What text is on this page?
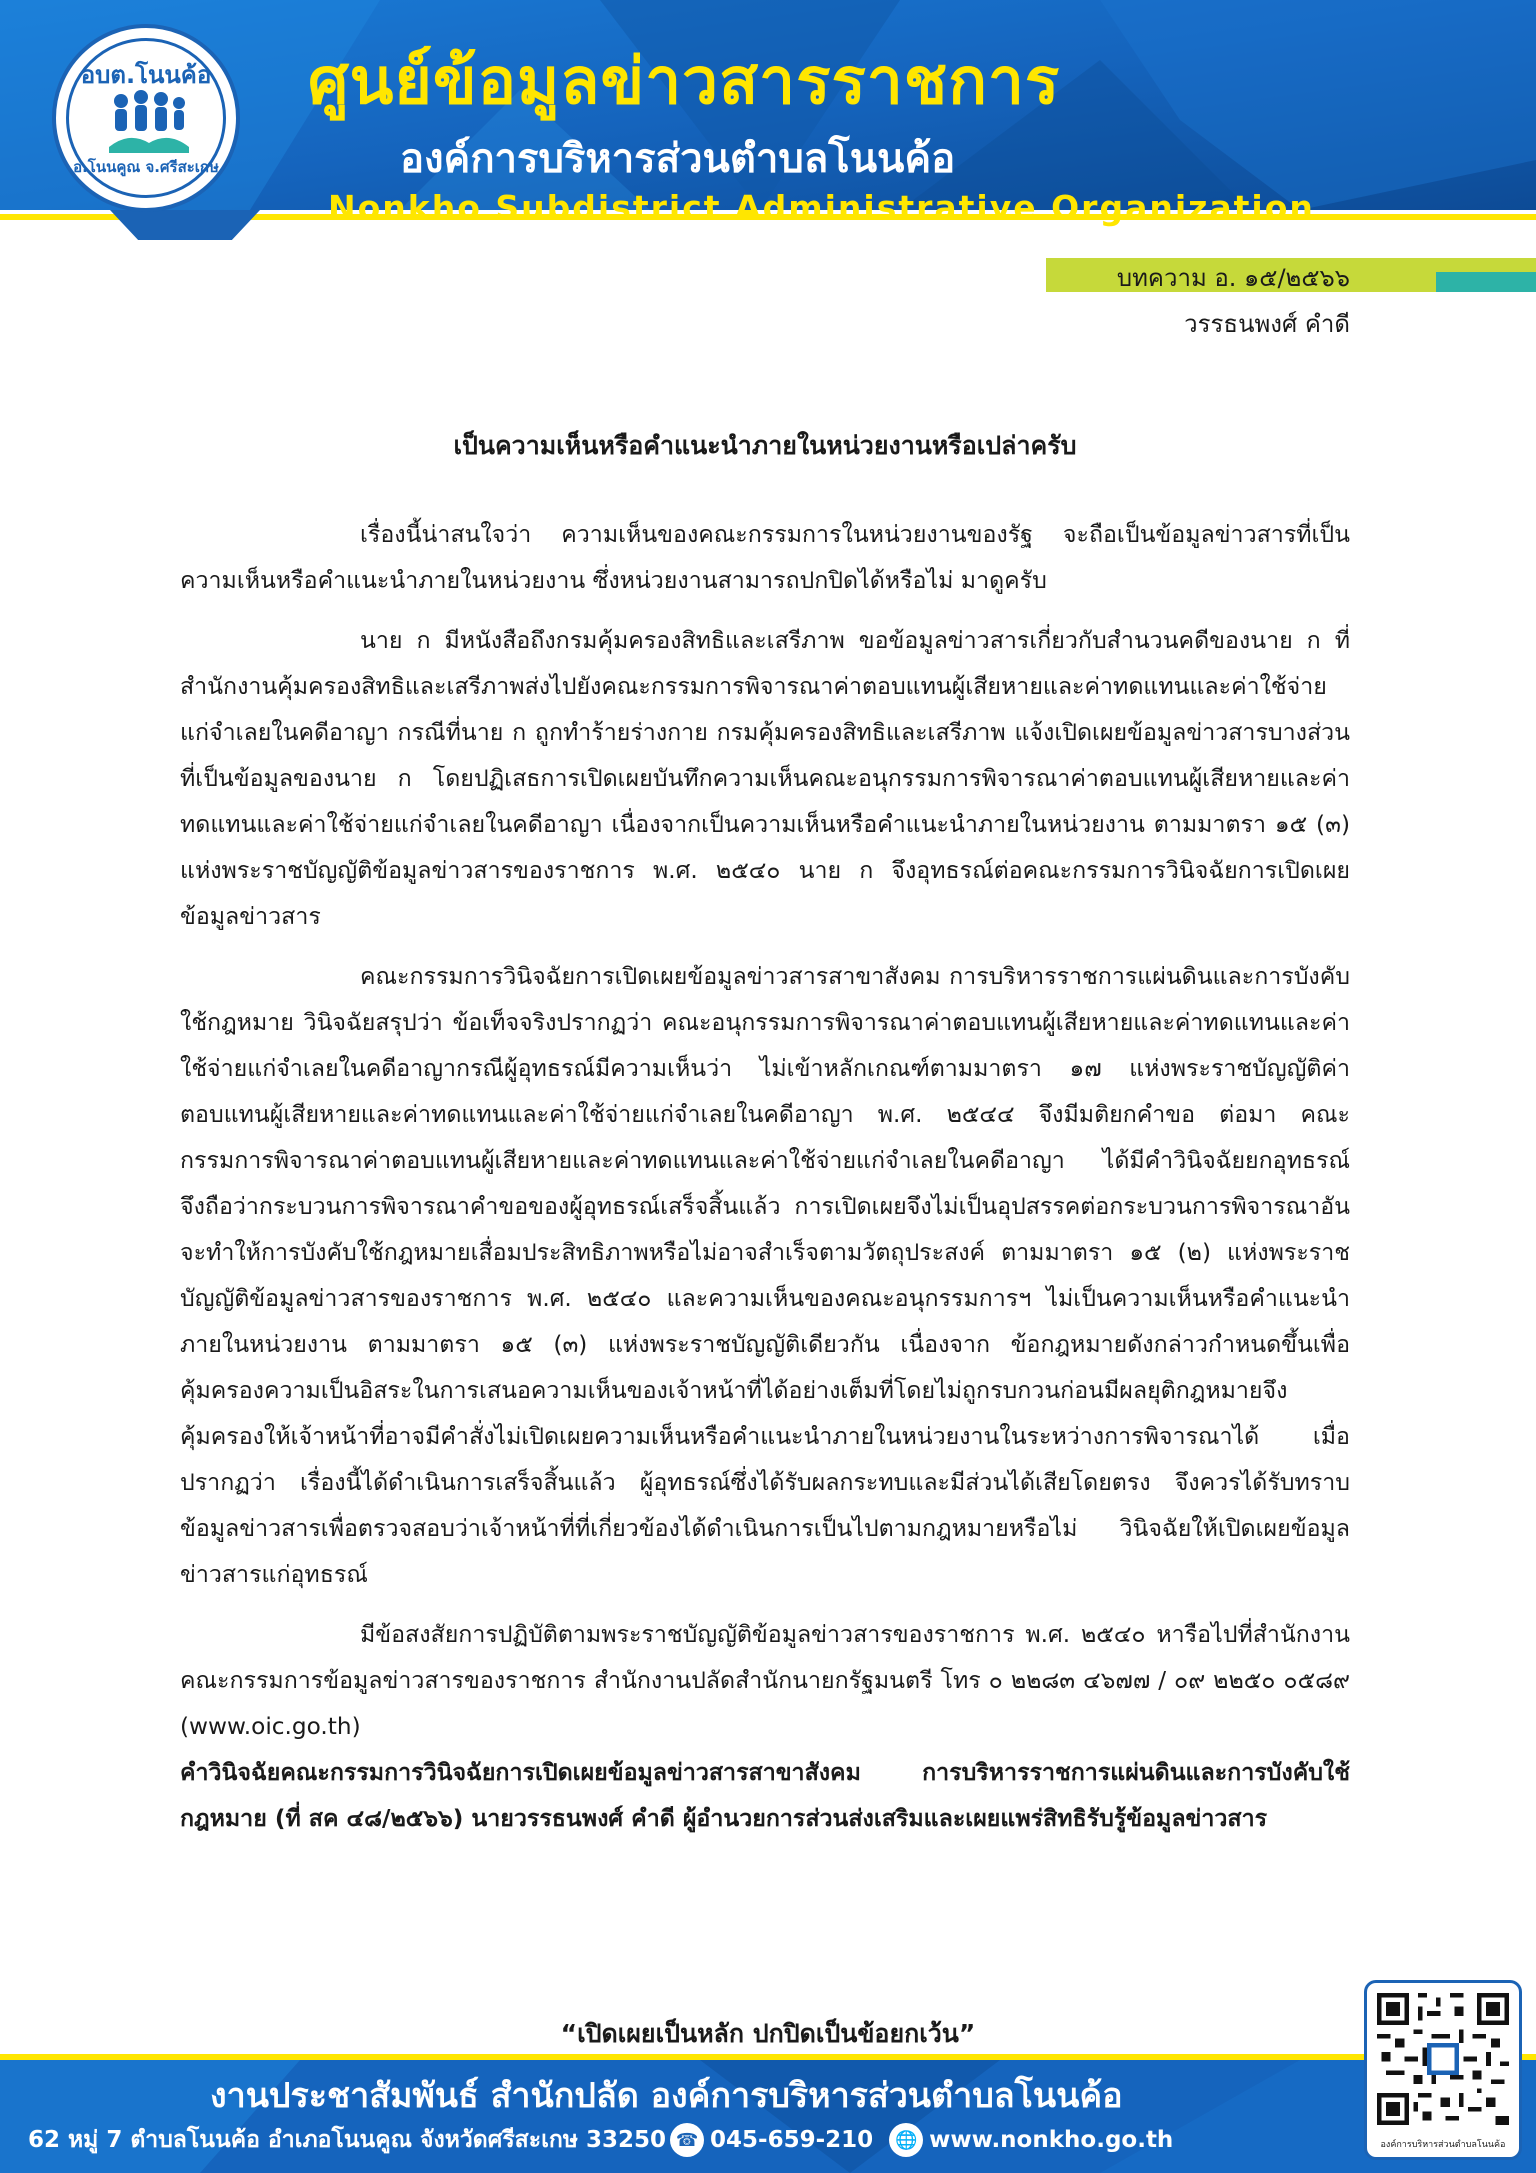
อบต.โนนค้อ
อ.โนนคูณ จ.ศรีสะเกษ
ศูนย์ข้อมูลข่าวสารราชการ
องค์การบริหารส่วนตำบลโนนค้อ
Nonkho Subdistrict Administrative Organization
บทความ อ. ๑๕/๒๕๖๖
วรรธนพงศ์ คำดี
เป็นความเห็นหรือคำแนะนำภายในหน่วยงานหรือเปล่าครับ

เรื่องนี้น่าสนใจว่า ความเห็นของคณะกรรมการในหน่วยงานของรัฐ จะถือเป็นข้อมูลข่าวสารที่เป็นความเห็นหรือคำแนะนำภายในหน่วยงาน ซึ่งหน่วยงานสามารถปกปิดได้หรือไม่ มาดูครับ

นาย ก มีหนังสือถึงกรมคุ้มครองสิทธิและเสรีภาพ ขอข้อมูลข่าวสารเกี่ยวกับสำนวนคดีของนาย ก ที่สำนักงานคุ้มครองสิทธิและเสรีภาพส่งไปยังคณะกรรมการพิจารณาค่าตอบแทนผู้เสียหายและค่าทดแทนและค่าใช้จ่ายแก่จำเลยในคดีอาญา กรณีที่นาย ก ถูกทำร้ายร่างกาย กรมคุ้มครองสิทธิและเสรีภาพ แจ้งเปิดเผยข้อมูลข่าวสารบางส่วนที่เป็นข้อมูลของนาย ก โดยปฏิเสธการเปิดเผยบันทึกความเห็นคณะอนุกรรมการพิจารณาค่าตอบแทนผู้เสียหายและค่าทดแทนและค่าใช้จ่ายแก่จำเลยในคดีอาญา เนื่องจากเป็นความเห็นหรือคำแนะนำภายในหน่วยงาน ตามมาตรา ๑๕ (๓) แห่งพระราชบัญญัติข้อมูลข่าวสารของราชการ พ.ศ. ๒๕๔๐ นาย ก จึงอุทธรณ์ต่อคณะกรรมการวินิจฉัยการเปิดเผยข้อมูลข่าวสาร

คณะกรรมการวินิจฉัยการเปิดเผยข้อมูลข่าวสารสาขาสังคม การบริหารราชการแผ่นดินและการบังคับใช้กฎหมาย วินิจฉัยสรุปว่า ข้อเท็จจริงปรากฏว่า คณะอนุกรรมการพิจารณาค่าตอบแทนผู้เสียหายและค่าทดแทนและค่าใช้จ่ายแก่จำเลยในคดีอาญากรณีผู้อุทธรณ์มีความเห็นว่า ไม่เข้าหลักเกณฑ์ตามมาตรา ๑๗ แห่งพระราชบัญญัติค่าตอบแทนผู้เสียหายและค่าทดแทนและค่าใช้จ่ายแก่จำเลยในคดีอาญา พ.ศ. ๒๕๔๔ จึงมีมติยกคำขอ ต่อมา คณะกรรมการพิจารณาค่าตอบแทนผู้เสียหายและค่าทดแทนและค่าใช้จ่ายแก่จำเลยในคดีอาญา ได้มีคำวินิจฉัยยกอุทธรณ์ จึงถือว่ากระบวนการพิจารณาคำขอของผู้อุทธรณ์เสร็จสิ้นแล้ว การเปิดเผยจึงไม่เป็นอุปสรรคต่อกระบวนการพิจารณาอันจะทำให้การบังคับใช้กฎหมายเสื่อมประสิทธิภาพหรือไม่อาจสำเร็จตามวัตถุประสงค์ ตามมาตรา ๑๕ (๒) แห่งพระราชบัญญัติข้อมูลข่าวสารของราชการ พ.ศ. ๒๕๔๐ และความเห็นของคณะอนุกรรมการฯ ไม่เป็นความเห็นหรือคำแนะนำภายในหน่วยงาน ตามมาตรา ๑๕ (๓) แห่งพระราชบัญญัติเดียวกัน เนื่องจาก ข้อกฎหมายดังกล่าวกำหนดขึ้นเพื่อคุ้มครองความเป็นอิสระในการเสนอความเห็นของเจ้าหน้าที่ได้อย่างเต็มที่โดยไม่ถูกรบกวนก่อนมีผลยุติกฎหมายจึงคุ้มครองให้เจ้าหน้าที่อาจมีคำสั่งไม่เปิดเผยความเห็นหรือคำแนะนำภายในหน่วยงานในระหว่างการพิจารณาได้ เมื่อปรากฏว่า เรื่องนี้ได้ดำเนินการเสร็จสิ้นแล้ว ผู้อุทธรณ์ซึ่งได้รับผลกระทบและมีส่วนได้เสียโดยตรง จึงควรได้รับทราบข้อมูลข่าวสารเพื่อตรวจสอบว่าเจ้าหน้าที่ที่เกี่ยวข้องได้ดำเนินการเป็นไปตามกฎหมายหรือไม่ วินิจฉัยให้เปิดเผยข้อมูลข่าวสารแก่อุทธรณ์

มีข้อสงสัยการปฏิบัติตามพระราชบัญญัติข้อมูลข่าวสารของราชการ พ.ศ. ๒๕๔๐ หารือไปที่สำนักงานคณะกรรมการข้อมูลข่าวสารของราชการ สำนักงานปลัดสำนักนายกรัฐมนตรี โทร ๐ ๒๒๘๓ ๔๖๗๗ / ๐๙ ๒๒๕๐ ๐๕๘๙ (www.oic.go.th)

คำวินิจฉัยคณะกรรมการวินิจฉัยการเปิดเผยข้อมูลข่าวสารสาขาสังคม การบริหารราชการแผ่นดินและการบังคับใช้กฎหมาย (ที่ สค ๔๘/๒๕๖๖) นายวรรธนพงศ์ คำดี ผู้อำนวยการส่วนส่งเสริมและเผยแพร่สิทธิรับรู้ข้อมูลข่าวสาร

“เปิดเผยเป็นหลัก ปกปิดเป็นข้อยกเว้น”
งานประชาสัมพันธ์ สำนักปลัด องค์การบริหารส่วนตำบลโนนค้อ
62 หมู่ 7 ตำบลโนนค้อ อำเภอโนนคูณ จังหวัดศรีสะเกษ 33250 ☎ 045-659-210	🌐 www.nonkho.go.th	องค์การบริหารส่วนตำบลโนนค้อ
